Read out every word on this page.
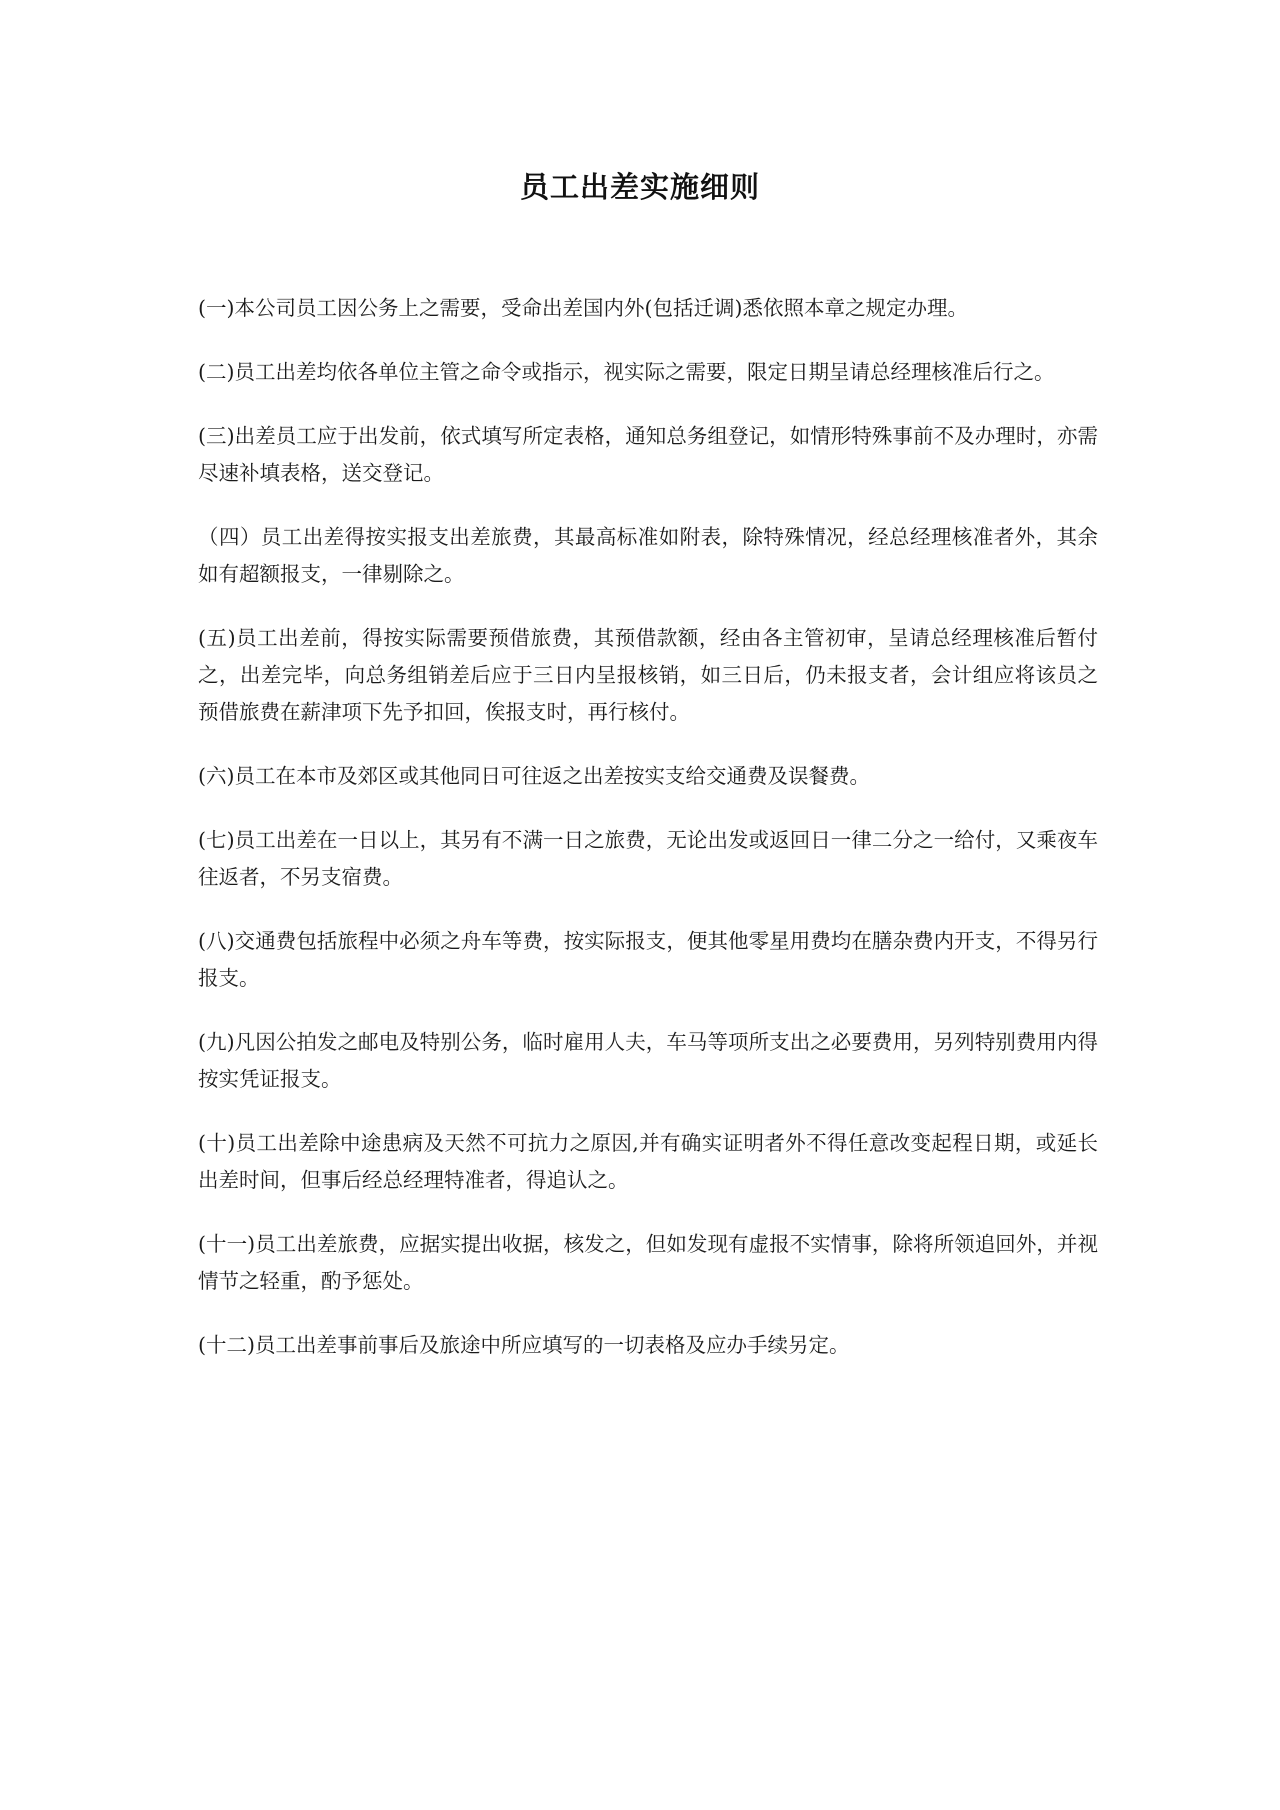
员工出差实施细则

(一)本公司员工因公务上之需要，受命出差国内外(包括迁调)悉依照本章之规定办理。

(二)员工出差均依各单位主管之命令或指示，视实际之需要，限定日期呈请总经理核准后行之。

(三)出差员工应于出发前，依式填写所定表格，通知总务组登记，如情形特殊事前不及办理时，亦需尽速补填表格，送交登记。

（四）员工出差得按实报支出差旅费，其最高标准如附表，除特殊情况，经总经理核准者外，其余如有超额报支，一律剔除之。

(五)员工出差前，得按实际需要预借旅费，其预借款额，经由各主管初审，呈请总经理核准后暂付之，出差完毕，向总务组销差后应于三日内呈报核销，如三日后，仍未报支者，会计组应将该员之预借旅费在薪津项下先予扣回，俟报支时，再行核付。

(六)员工在本市及郊区或其他同日可往返之出差按实支给交通费及误餐费。

(七)员工出差在一日以上，其另有不满一日之旅费，无论出发或返回日一律二分之一给付，又乘夜车往返者，不另支宿费。

(八)交通费包括旅程中必须之舟车等费，按实际报支，便其他零星用费均在膳杂费内开支，不得另行报支。

(九)凡因公拍发之邮电及特别公务，临时雇用人夫，车马等项所支出之必要费用，另列特别费用内得按实凭证报支。

(十)员工出差除中途患病及天然不可抗力之原因,并有确实证明者外不得任意改变起程日期，或延长出差时间，但事后经总经理特准者，得追认之。

(十一)员工出差旅费，应据实提出收据，核发之，但如发现有虚报不实情事，除将所领追回外，并视情节之轻重，酌予惩处。

(十二)员工出差事前事后及旅途中所应填写的一切表格及应办手续另定。
